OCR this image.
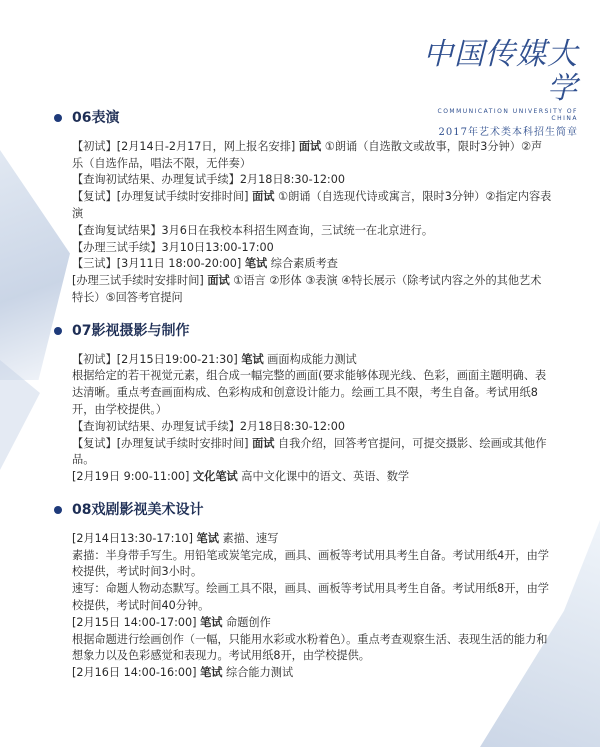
中国传媒大学
COMMUNICATION UNIVERSITY OF CHINA
2017年艺术类本科招生简章
06表演

【初试】[2月14日-2月17日，网上报名安排] 面试 ①朗诵（自选散文或故事，限时3分钟）②声乐（自选作品，唱法不限，无伴奏）

【查询初试结果、办理复试手续】2月18日8:30-12:00

【复试】[办理复试手续时安排时间] 面试 ①朗诵（自选现代诗或寓言，限时3分钟）②指定内容表演

【查询复试结果】3月6日在我校本科招生网查询，三试统一在北京进行。

【办理三试手续】3月10日13:00-17:00

【三试】[3月11日 18:00-20:00] 笔试 综合素质考查

[办理三试手续时安排时间] 面试 ①语言 ②形体 ③表演 ④特长展示（除考试内容之外的其他艺术特长）⑤回答考官提问

07影视摄影与制作

【初试】[2月15日19:00-21:30] 笔试 画面构成能力测试

根据给定的若干视觉元素，组合成一幅完整的画面(要求能够体现光线、色彩，画面主题明确、表达清晰。重点考查画面构成、色彩构成和创意设计能力。绘画工具不限，考生自备。考试用纸8开，由学校提供。）

【查询初试结果、办理复试手续】2月18日8:30-12:00

【复试】[办理复试手续时安排时间] 面试 自我介绍，回答考官提问，可提交摄影、绘画或其他作品。

[2月19日 9:00-11:00] 文化笔试 高中文化课中的语文、英语、数学

08戏剧影视美术设计

[2月14日13:30-17:10] 笔试 素描、速写

素描：半身带手写生。用铅笔或炭笔完成，画具、画板等考试用具考生自备。考试用纸4开，由学校提供，考试时间3小时。

速写：命题人物动态默写。绘画工具不限，画具、画板等考试用具考生自备。考试用纸8开，由学校提供，考试时间40分钟。

[2月15日 14:00-17:00] 笔试 命题创作

根据命题进行绘画创作（一幅，只能用水彩或水粉着色）。重点考查观察生活、表现生活的能力和想象力以及色彩感觉和表现力。考试用纸8开，由学校提供。

[2月16日 14:00-16:00] 笔试 综合能力测试
